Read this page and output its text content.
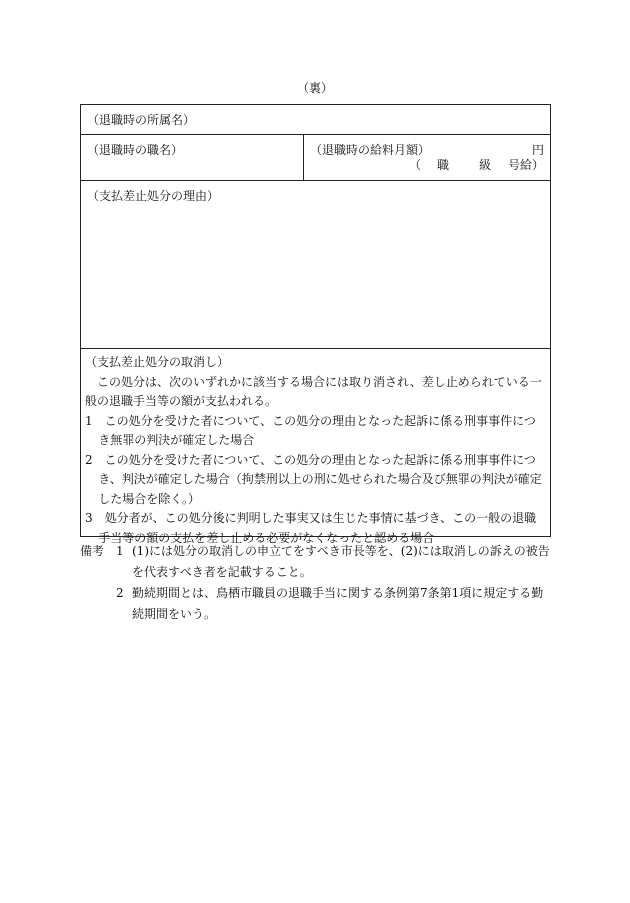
（裏）
（退職時の所属名）
（退職時の職名）	（退職時の給料月額）	円
（ 職 級 号給）
（支払差止処分の理由）

（支払差止処分の取消し）

この処分は、次のいずれかに該当する場合には取り消され、差し止められている一般の退職手当等の額が支払われる。

1　この処分を受けた者について、この処分の理由となった起訴に係る刑事事件につき無罪の判決が確定した場合

2　この処分を受けた者について、この処分の理由となった起訴に係る刑事事件につき、判決が確定した場合（拘禁刑以上の刑に処せられた場合及び無罪の判決が確定した場合を除く。）

3　処分者が、この処分後に判明した事実又は生じた事情に基づき、この一般の退職手当等の額の支払を差し止める必要がなくなったと認める場合

備考 1 (1)には処分の取消しの申立てをすべき市長等を、(2)には取消しの訴えの被告を代表すべき者を記載すること。
2 勤続期間とは、鳥栖市職員の退職手当に関する条例第7条第1項に規定する勤続期間をいう。
